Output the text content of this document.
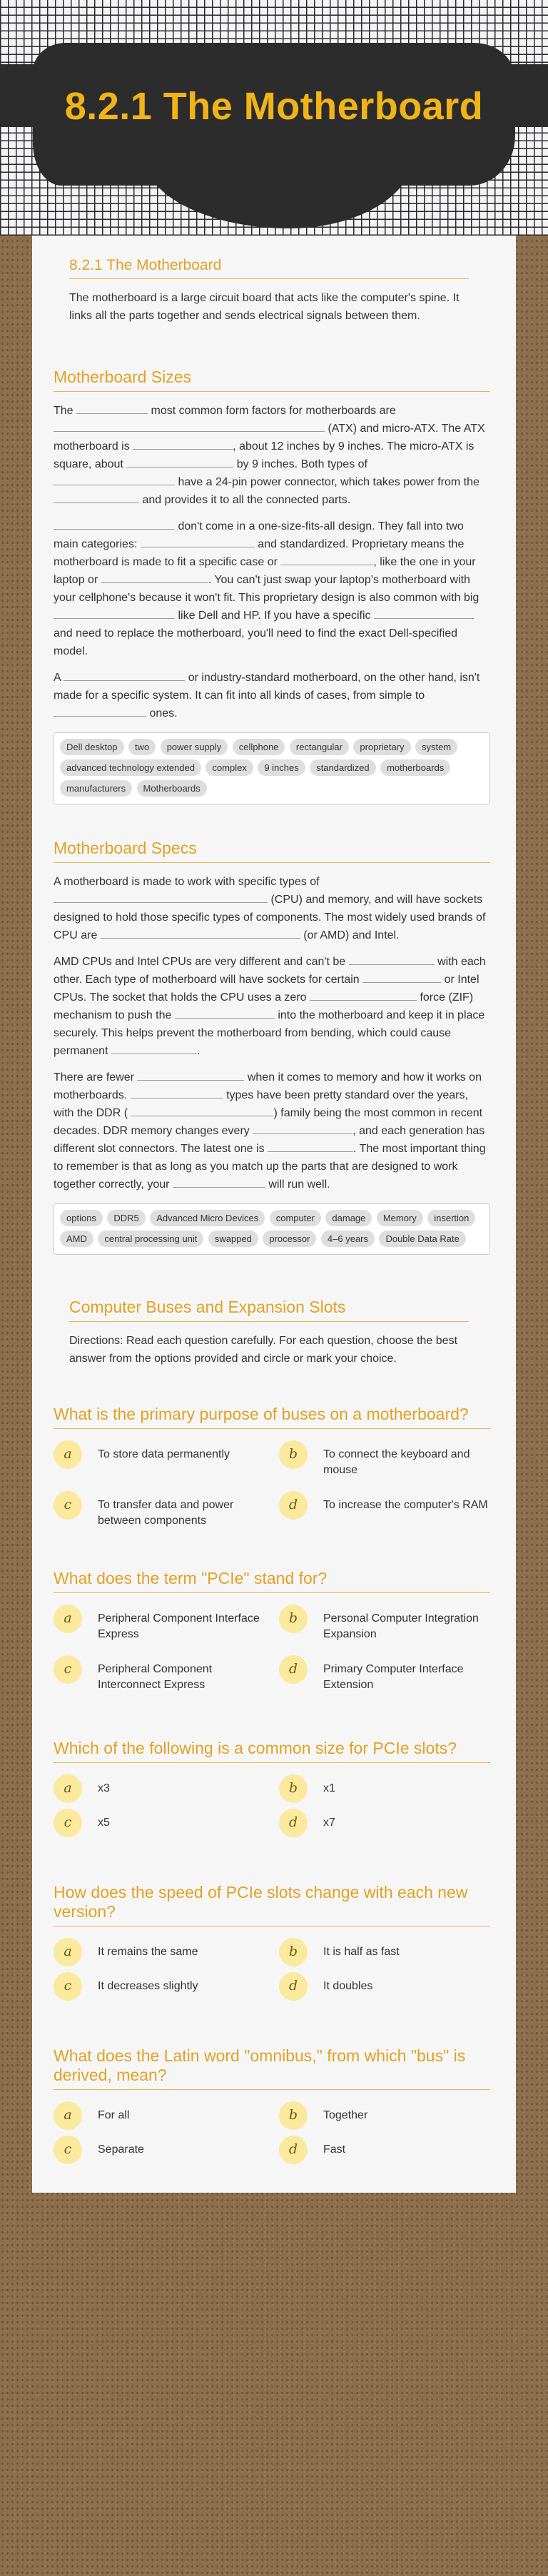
8.2.1 The Motherboard
8.2.1 The Motherboard

The motherboard is a large circuit board that acts like the computer's spine. It links all the parts together and sends electrical signals between them.

Motherboard Sizes

The	most common form factors for motherboards are  (ATX) and micro-ATX. The ATX motherboard is	, about 12 inches by 9 inches. The micro-ATX is square, about	by 9 inches. Both types of  have a 24-pin power connector, which takes power from the  and provides it to all the connected parts.

don't come in a one-size-fits-all design. They fall into two main categories:	and standardized. Proprietary means the motherboard is made to fit a specific case or	, like the one in your laptop or	. You can't just swap your laptop's motherboard with your cellphone's because it won't fit. This proprietary design is also common with big  like Dell and HP. If you have a specific  and need to replace the motherboard, you'll need to find the exact Dell-specified model.

A	or industry-standard motherboard, on the other hand, isn't made for a specific system. It can fit into all kinds of cases, from simple to  ones.

Dell desktop two power supply cellphone rectangular proprietary system advanced technology extended complex 9 inches standardized motherboards manufacturers Motherboards
Motherboard Specs

A motherboard is made to work with specific types of  (CPU) and memory, and will have sockets designed to hold those specific types of components. The most widely used brands of CPU are	(or AMD) and Intel.

AMD CPUs and Intel CPUs are very different and can't be	with each other. Each type of motherboard will have sockets for certain	or Intel CPUs. The socket that holds the CPU uses a zero	force (ZIF) mechanism to push the	into the motherboard and keep it in place securely. This helps prevent the motherboard from bending, which could cause permanent	.

There are fewer	when it comes to memory and how it works on motherboards.	types have been pretty standard over the years, with the DDR (	) family being the most common in recent decades. DDR memory changes every	, and each generation has different slot connectors. The latest one is	. The most important thing to remember is that as long as you match up the parts that are designed to work together correctly, your	will run well.

options DDR5 Advanced Micro Devices computer damage Memory insertion AMD central processing unit swapped processor 4–6 years Double Data Rate
Computer Buses and Expansion Slots

Directions: Read each question carefully. For each question, choose the best answer from the options provided and circle or mark your choice.

What is the primary purpose of buses on a motherboard?
a	To store data permanently	b	To connect the keyboard and mouse
c	To transfer data and power between components
d	To increase the computer's RAM
What does the term "PCIe" stand for?
a	Peripheral Component Interface Express
b	Personal Computer Integration Expansion
c	Peripheral Component Interconnect Express
d	Primary Computer Interface Extension
Which of the following is a common size for PCIe slots?
a	x3	b	x1
c	x5	d	x7
How does the speed of PCIe slots change with each new version?
a	It remains the same	b	It is half as fast
c	It decreases slightly	d	It doubles
What does the Latin word "omnibus," from which "bus" is derived, mean?
a	For all	b	Together
c	Separate	d	Fast
